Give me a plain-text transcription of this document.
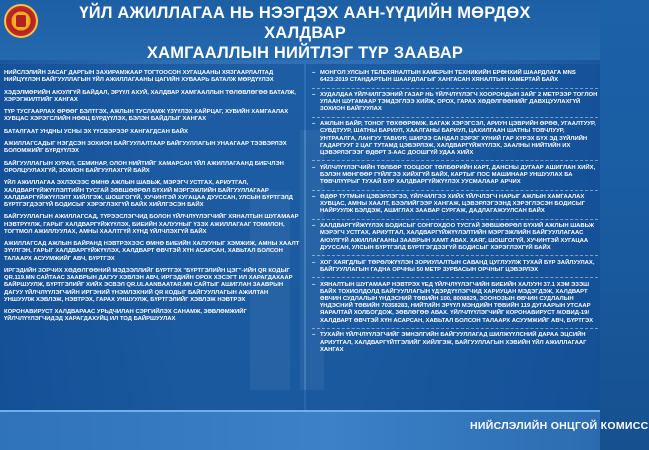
ҮЙЛ АЖИЛЛАГАА НЬ НЭЭГДЭХ ААН-ҮҮДИЙН МӨРДӨХ ХАЛДВАР
ХАМГААЛЛЫН НИЙТЛЭГ ТҮР ЗААВАР
НИЙСЛЭЛИЙН ЗАСАГ ДАРГЫН ЗАХИРАМЖААР ТОГТООСОН ХУГАЦААНЫ ХЯЗГААРЛАЛТАД НИЙЦҮҮЛЭН БАЙГУУЛЛАГЫН ҮЙЛ АЖИЛЛАГААНЫ ЦАГИЙН ХУВААРЬ БАТАЛЖ МӨРДҮҮЛЭХ
ХЭДЭЛМӨРИЙН АЮУЛГҮЙ БАЙДАЛ, ЭРҮҮЛ АХУЙ, ХАЛДВАР ХАМГААЛЛЫН ТӨЛӨВЛӨГӨӨ БАТАЛЖ, ХЭРЭГЖИЛТИЙГ ХАНГАХ
ТҮР ТУСГААРЛАХ ӨРӨӨГ БЭЛТГЭХ, АЖЛЫН ТУСЛАМЖ ҮЗҮҮЛЭХ ХАЙРЦАГ, ХУВИЙН ХАМГААЛАХ ХУВЦАС ХЭРЭГСЛИЙН НӨӨЦ БҮРДҮҮЛЭХ, БЭЛЭН БАЙДЛЫГ ХАНГАХ
БАТАЛГААТ УНДНЫ УСНЫ ЭХ ҮҮСВЭРЭЭР ХАНГАГДСАН БАЙХ
АЖИЛЛАГСАДЫГ НЭГДСЭН ЗОХИОН БАЙГУУЛАЛТААР БАЙГУУЛЛАГЫН УНААГААР ТЭЭВЭРЛЭХ БОЛОМЖИЙГ БҮРДҮҮЛЭХ
БАЙГУУЛЛАГЫН ХУРАЛ, СЕМИНАР, ОЛОН НИЙТИЙГ ХАМАРСАН ҮЙЛ АЖИЛЛАГААНД БИЕЧЛЭН ОРОЛЦУУЛАХГҮЙ, ЗОХИОН БАЙГУУЛАХГҮЙ БАЙХ
ҮЙЛ АЖИЛЛАГАА ЭХЛЭХЭЭС ӨМНӨ АЖЛЫН ШАВЬЖ, МЭРЭГЧ УСТГАХ, АРИУТГАЛ, ХАЛДВАРГҮЙЖҮҮЛЭЛТИЙН ТУСГАЙ ЗӨВШӨӨРӨЛ БҮХИЙ МЭРГЭЖЛИЙН БАЙГУУЛЛАГААР ХАЛДВАРГҮЙЖҮҮЛЭЛТ ХИЙЛГЭЖ, ШОШГОГҮЙ, ХУЧИНТЭЙ ХУГАЦАА ДУУССАН, УЛСЫН БҮРТГЭЛД БҮРТГЭГДЭЭГҮЙ БОДИСЫГ ХЭРЭГЛЭХГҮЙ БАЙХ ХИЙЛГЭСЭН БАЙХ
БАЙГУУЛЛАГЫН АЖИЛЛАГСАД, ТҮРЭЭСЛЭГЧИД БОЛОН ҮЙЛЧЛҮҮЛЭГЧИЙГ ХЯНАЛТЫН ШУГАМААР НЭВТРҮҮЛЖ, ГАРЫГ ХАЛДВАРГҮЙЖҮҮЛЭХ, БИЕИЙН ХАЛУУНЫГ ҮЗЭХ АЖИЛЛАГААГ ТОМИЛОН, ТОГТМОЛ АЖИЛЛУУЛАХ, АМНЫ ХААЛТГҮЙ ХҮНД ҮЙЛЧЛЭХГҮЙ БАЙХ
АЖИЛЛАГСАД АЖЛЫН БАЙРАНД НЭВТРЭХЭЭС ӨМНӨ БИЕИЙН ХАЛУУНЫГ ХЭМЖИЖ, АМНЫ ХААЛТ ЗҮҮЛГЭН, ГАРЫГ ХАЛДВАРГҮЙЖҮҮЛЭХ, ХАЛДВАРТ ӨВЧТЭЙ ХҮН АСАРСАН, ХАВЬТАЛ БОЛСОН ТАЛААРХ АСУУМЖИЙГ АВЧ, БҮРТГЭХ
ИРГЭДИЙН ЗОРЧИХ ХӨДӨЛГӨӨНИЙ МЭДЭЭЛЛИЙГ БҮРТГЭХ "БҮРТГЭЛИЙН ЦЭГ"-ИЙН QR КОДЫГ QR.119.MN САЙТААС ЗААВРЫН ДАГУУ ХЭВЛЭН АВЧ, ИРГЭДИЙН ОРОХ ХЭСЭГТ ИЛ ХАРАГДАХААР БАЙРШУУЛЖ, БҮРТГЭЛИЙГ ХИЙХ ЭСВЭЛ QR.ULAANBAATAR.MN САЙТЫГ АШИГЛАН ЗААВРЫН ДАГУУ ҮЙЛЧЛҮҮЛЭГЧИЙН ИРГЭНИЙ ҮНЭМЛЭХНИЙ QR КОДЫГ БАЙГУУЛЛАГЫН АЖИЛТАН УНШУУЛЖ ХЭВЛЭЖ, НЭВТРЭХ, ГАРАХ УНШУУЛЖ, БҮРТГЭЛИЙГ ХЭВЛЭЖ НЭВТРЭХ
КОРОНАВИРУСТ ХАЛДВАРААС УРЬДЧИЛАН СЭРГИЙЛЭХ САНАМЖ, ЗӨВЛӨМЖИЙГ ҮЙЛЧЛҮҮЛЭГЧИДЭД ХАРАГДАХУЙЦ ИЛ ТОД БАЙРШУУЛАХ
– МОНГОЛ УЛСЫН ТЕЛЕХЯНАЛТЫН КАМЕРЫН ТЕХНИКИЙН ЕРӨНХИЙ ШААРДЛАГА MNS 6423:2019 СТАНДАРТЫН ШААРДЛАГЫГ ХАНГАСАН ХЯНАЛТЫН КАМЕРТАЙ БАЙХ
– ХУДАЛДАА ҮЙЛЧИЛГЭЭНИЙ ГАЗАР НЬ ҮЙЛЧЛҮҮЛЭГЧ ХООРОНДЫН ЗАЙГ 2 МЕТРЭЭР ТОГЛОН УЛААН ШУГАМААР ТЭМДЭГЛЭЭ ХИЙЖ, ОРОХ, ГАРАХ ХӨДӨЛГӨӨНИЙГ ДАВХЦУУЛАХГҮЙ ЗОХИОН БАЙГУУЛАХ
– АЖЛЫН БАЙР, ТОНОГ ТӨХӨӨРӨМЖ, БАГАЖ ХЭРЭГСЭЛ, АРИУН ЦЭВРИЙН ӨРӨӨ, УГААЛТУУР, СУВДТУУР, ШАТНЫ БАРИУЛ, ХААЛГАНЫ БАРИУЛ, ЦАХИЛГААН ШАТНЫ ТОВЧЛУУР, УНТРААЛГА, ЛАНГУУ ТАВИУР, ШИРЭЭ САНДАЛ ЗЭРЭГ ХҮНИЙ ГАР ХҮРЭХ БҮХ ЭД ЗҮЙЛИЙН ГАДАРГУУГ 2 ЦАГ ТУТАМД ЦЭВЭРЛЭЖ, ХАЛДВАРГҮЙЖҮҮЛЭХ, ЗААЛНЫ НИЙТИЙН ИХ ЦЭВЭРЛЭГЭЭГ ӨДӨРТ 3-ААС ДООШГҮЙ УДАА ХИЙХ
– ҮЙЛЧЛҮҮЛЭГЧИЙН ТӨЛБӨР ТООЦООГ ТӨЛБӨРИЙН КАРТ, ДАНСНЫ ДУГААР АШИГЛАН ХИЙХ, БЭЛЭН МӨНГӨӨР ГҮЙЛГЭЭ ХИЙХГҮЙ БАЙХ, КАРТЫГ ПОС МАШИНААР УНШУУЛАХ БА ТӨВЧЛҮҮРЫГ ТУХАЙ БҮР ХАЛДВАРГҮЙЖҮҮЛЭХ УУСМАЛААР АРЧИХ
– ӨДӨР ТУТМЫН ЦЭВЭРЛЭГЭЭ, ҮЙЛЧИЛГЭЭ ХИЙХ ҮЙЛЧЛЭГЧ НАРЫГ АЖЛЫН ХАМГААЛАХ ХУВЦАС, АМНЫ ХААЛТ, БЭЭЛИЙГЭЭР ХАНГАЖ, ЦЭВЭРЛЭГЭЭНД ХЭРЭГЛЭСЭН БОДИСЫГ НАЙРУУЛЖ БЭЛДЭЖ, АШИГЛАХ ЗААВАР СУРГАЖ, ДАДЛАГАЖУУЛСАН БАЙХ
– ХАЛДВАРГҮЙЖҮҮЛЭХ БОДИСЫГ СОНГОХДОО ТУСГАЙ ЗӨВШӨӨРӨЛ БҮХИЙ АЖЛЫН ШАВЬЖ МЭРЭГЧ УСТГАХ, АРИУТГАЛ, ХАЛДВАРГҮЙЖҮҮЛЭЛТИЙН МЭРГЭЖЛИЙН БАЙГУУЛЛАГААС АЮУЛГҮЙ АЖИЛЛАГААНЫ ЗААВРЫН ХАМТ АВАХ. ХАЯГ, ШОШГОГҮЙ, ХУЧИНТЭЙ ХУГАЦАА ДУУССАН, УЛСЫН БҮРТГЭЛД БҮРТГЭГДЭЭГҮЙ БОДИСЫГ ХЭРЭГЛЭХГҮЙ БАЙХ
– ХОГ ХАЯГДЛЫГ ТӨРӨЛЖҮҮЛЭН ЗОРИУЛАЛТЫН САВАНД ЦУГЛУУЛЖ ТУХАЙ БҮР ЗАЙЛУУЛАХ, БАЙГУУЛЛАГЫН ГАДНА ОРЧНЫ 50 МЕТР ЗУРВАСЫН ОРЧНЫГ ЦЭВЭРЛЭХ
– ХЯНАЛТЫН ШУГАМААР НЭВТРЭХ ҮЕД ҮЙЛЧЛҮҮЛЭГЧИЙН БИЕИЙН ХАЛУУН 37.1 ХЭМ ЭЗЭШ БАЙХ ТОХИОЛДОЛД БАЙГУУЛЛАГЫН ҮДЭРДҮҮЛЭГЧИД ХАРИУЦАН МЭДЭГДЭЖ, ХАЛДВАРТ ӨВЧИН СУДЛАЛЫН ҮНДЭСНИЙ ТӨВИЙН 100, 8008829, ЗООНОЗЫН ӨВЧИН СУДЛАЛЫН ҮНДЭСНИЙ ТӨВИЙН 70358283, НИЙТИЙН ЭРҮҮЛ МЭНДИЙН ТӨВИЙН 119 ДУГААРЫН УТСААР ЯАРАЛТАЙ ХОЛБОГДОЖ, ЗӨВЛӨГӨӨ АВАХ. ҮЙЛЧЛҮҮЛЭГЧИЙГ КОРОНАВИРУСТ /КОВИД-19/ ХАЛДВАРТ ӨВЧТЭЙ ХҮН АСАРСАН, ХАВЬТАЛ БОЛСОН ТАЛААРХ АСУУМЖИЙГ АВЧ, БҮРТГЭХ
– ТУХАЙН ҮЙЛЧЛҮҮЛЭГЧИЙГ ЭМНЭЛГИЙН БАЙГУУЛЛАГАД ШИЛЖҮҮЛСНИЙ ДАРАА ЭЦСИЙН АРИУТГАЛ, ХАЛДВАРГҮЙТГЭЛИЙГ ХИЙЛГЭЖ, БАЙГУУЛЛАГЫН ХЭВИЙН ҮЙЛ АЖИЛЛАГААГ ХАНГАХ
НИЙСЛЭЛИЙН ОНЦГОЙ КОМИСС
